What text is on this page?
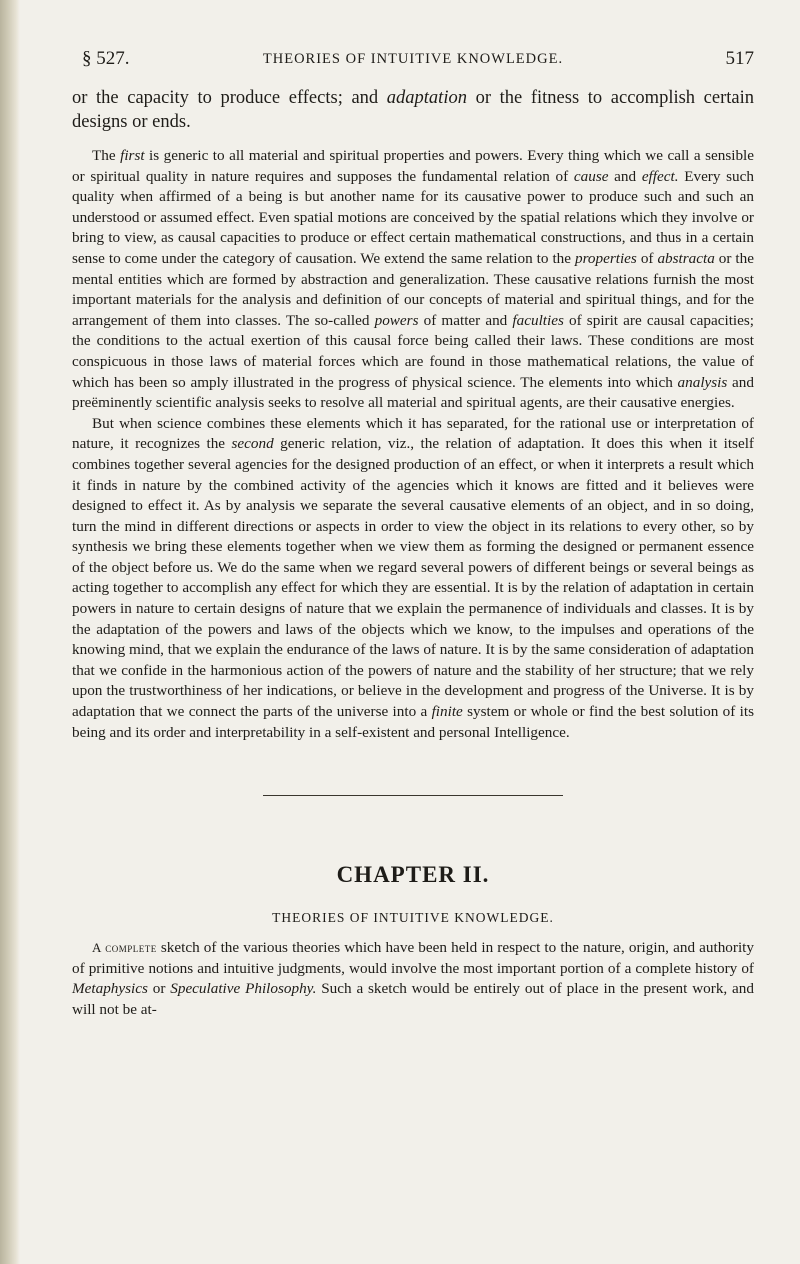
§ 527.	THEORIES OF INTUITIVE KNOWLEDGE.	517

or the capacity to produce effects; and adaptation or the fitness to accomplish certain designs or ends.

The first is generic to all material and spiritual properties and powers. Every thing which we call a sensible or spiritual quality in nature requires and supposes the fundamental relation of cause and effect. Every such quality when affirmed of a being is but another name for its causative power to produce such and such an understood or assumed effect. Even spatial motions are conceived by the spatial relations which they involve or bring to view, as causal capacities to produce or effect certain mathematical constructions, and thus in a certain sense to come under the category of causation. We extend the same relation to the properties of abstracta or the mental entities which are formed by abstraction and generalization. These causative relations furnish the most important materials for the analysis and definition of our concepts of material and spiritual things, and for the arrangement of them into classes. The so-called powers of matter and faculties of spirit are causal capacities; the conditions to the actual exertion of this causal force being called their laws. These conditions are most conspicuous in those laws of material forces which are found in those mathematical relations, the value of which has been so amply illustrated in the progress of physical science. The elements into which analysis and preëminently scientific analysis seeks to resolve all material and spiritual agents, are their causative energies.

But when science combines these elements which it has separated, for the rational use or interpretation of nature, it recognizes the second generic relation, viz., the relation of adaptation. It does this when it itself combines together several agencies for the designed production of an effect, or when it interprets a result which it finds in nature by the combined activity of the agencies which it knows are fitted and it believes were designed to effect it. As by analysis we separate the several causative elements of an object, and in so doing, turn the mind in different directions or aspects in order to view the object in its relations to every other, so by synthesis we bring these elements together when we view them as forming the designed or permanent essence of the object before us. We do the same when we regard several powers of different beings or several beings as acting together to accomplish any effect for which they are essential. It is by the relation of adaptation in certain powers in nature to certain designs of nature that we explain the permanence of individuals and classes. It is by the adaptation of the powers and laws of the objects which we know, to the impulses and operations of the knowing mind, that we explain the endurance of the laws of nature. It is by the same consideration of adaptation that we confide in the harmonious action of the powers of nature and the stability of her structure; that we rely upon the trustworthiness of her indications, or believe in the development and progress of the Universe. It is by adaptation that we connect the parts of the universe into a finite system or whole or find the best solution of its being and its order and interpretability in a self-existent and personal Intelligence.

CHAPTER II.
THEORIES OF INTUITIVE KNOWLEDGE.

A complete sketch of the various theories which have been held in respect to the nature, origin, and authority of primitive notions and intuitive judgments, would involve the most important portion of a complete history of Metaphysics or Speculative Philosophy. Such a sketch would be entirely out of place in the present work, and will not be at-
